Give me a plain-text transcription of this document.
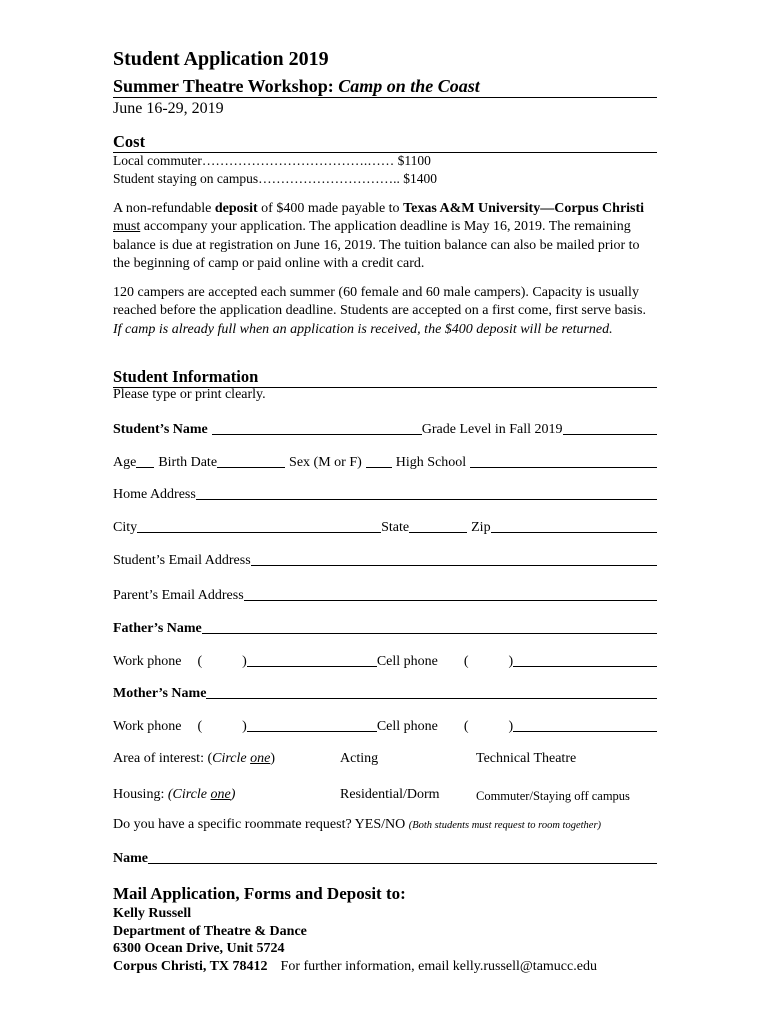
Student Application 2019
Summer Theatre Workshop: Camp on the Coast
June 16-29, 2019
Cost
Local commuter……………………………….…… $1100
Student staying on campus………………………….. $1400
A non-refundable deposit of $400 made payable to Texas A&M University—Corpus Christi must accompany your application. The application deadline is May 16, 2019. The remaining balance is due at registration on June 16, 2019. The tuition balance can also be mailed prior to the beginning of camp or paid online with a credit card.
120 campers are accepted each summer (60 female and 60 male campers). Capacity is usually reached before the application deadline. Students are accepted on a first come, first serve basis. If camp is already full when an application is received, the $400 deposit will be returned.
Student Information
Please type or print clearly.
Student’s Name	Grade Level in Fall 2019
Age Birth Date	Sex (M or F) High School
Home Address
City	State	Zip
Student’s Email Address
Parent’s Email Address
Father’s Name
Work phone (	)	Cell phone (	)
Mother’s Name
Work phone (	)	Cell phone (	)
Area of interest: (Circle one)	Acting	Technical Theatre
Housing: (Circle one)	Residential/Dorm	Commuter/Staying off campus
Do you have a specific roommate request? YES/NO (Both students must request to room together)
Name
Mail Application, Forms and Deposit to:
Kelly Russell
Department of Theatre & Dance
6300 Ocean Drive, Unit 5724
Corpus Christi, TX 78412 For further information, email kelly.russell@tamucc.edu
